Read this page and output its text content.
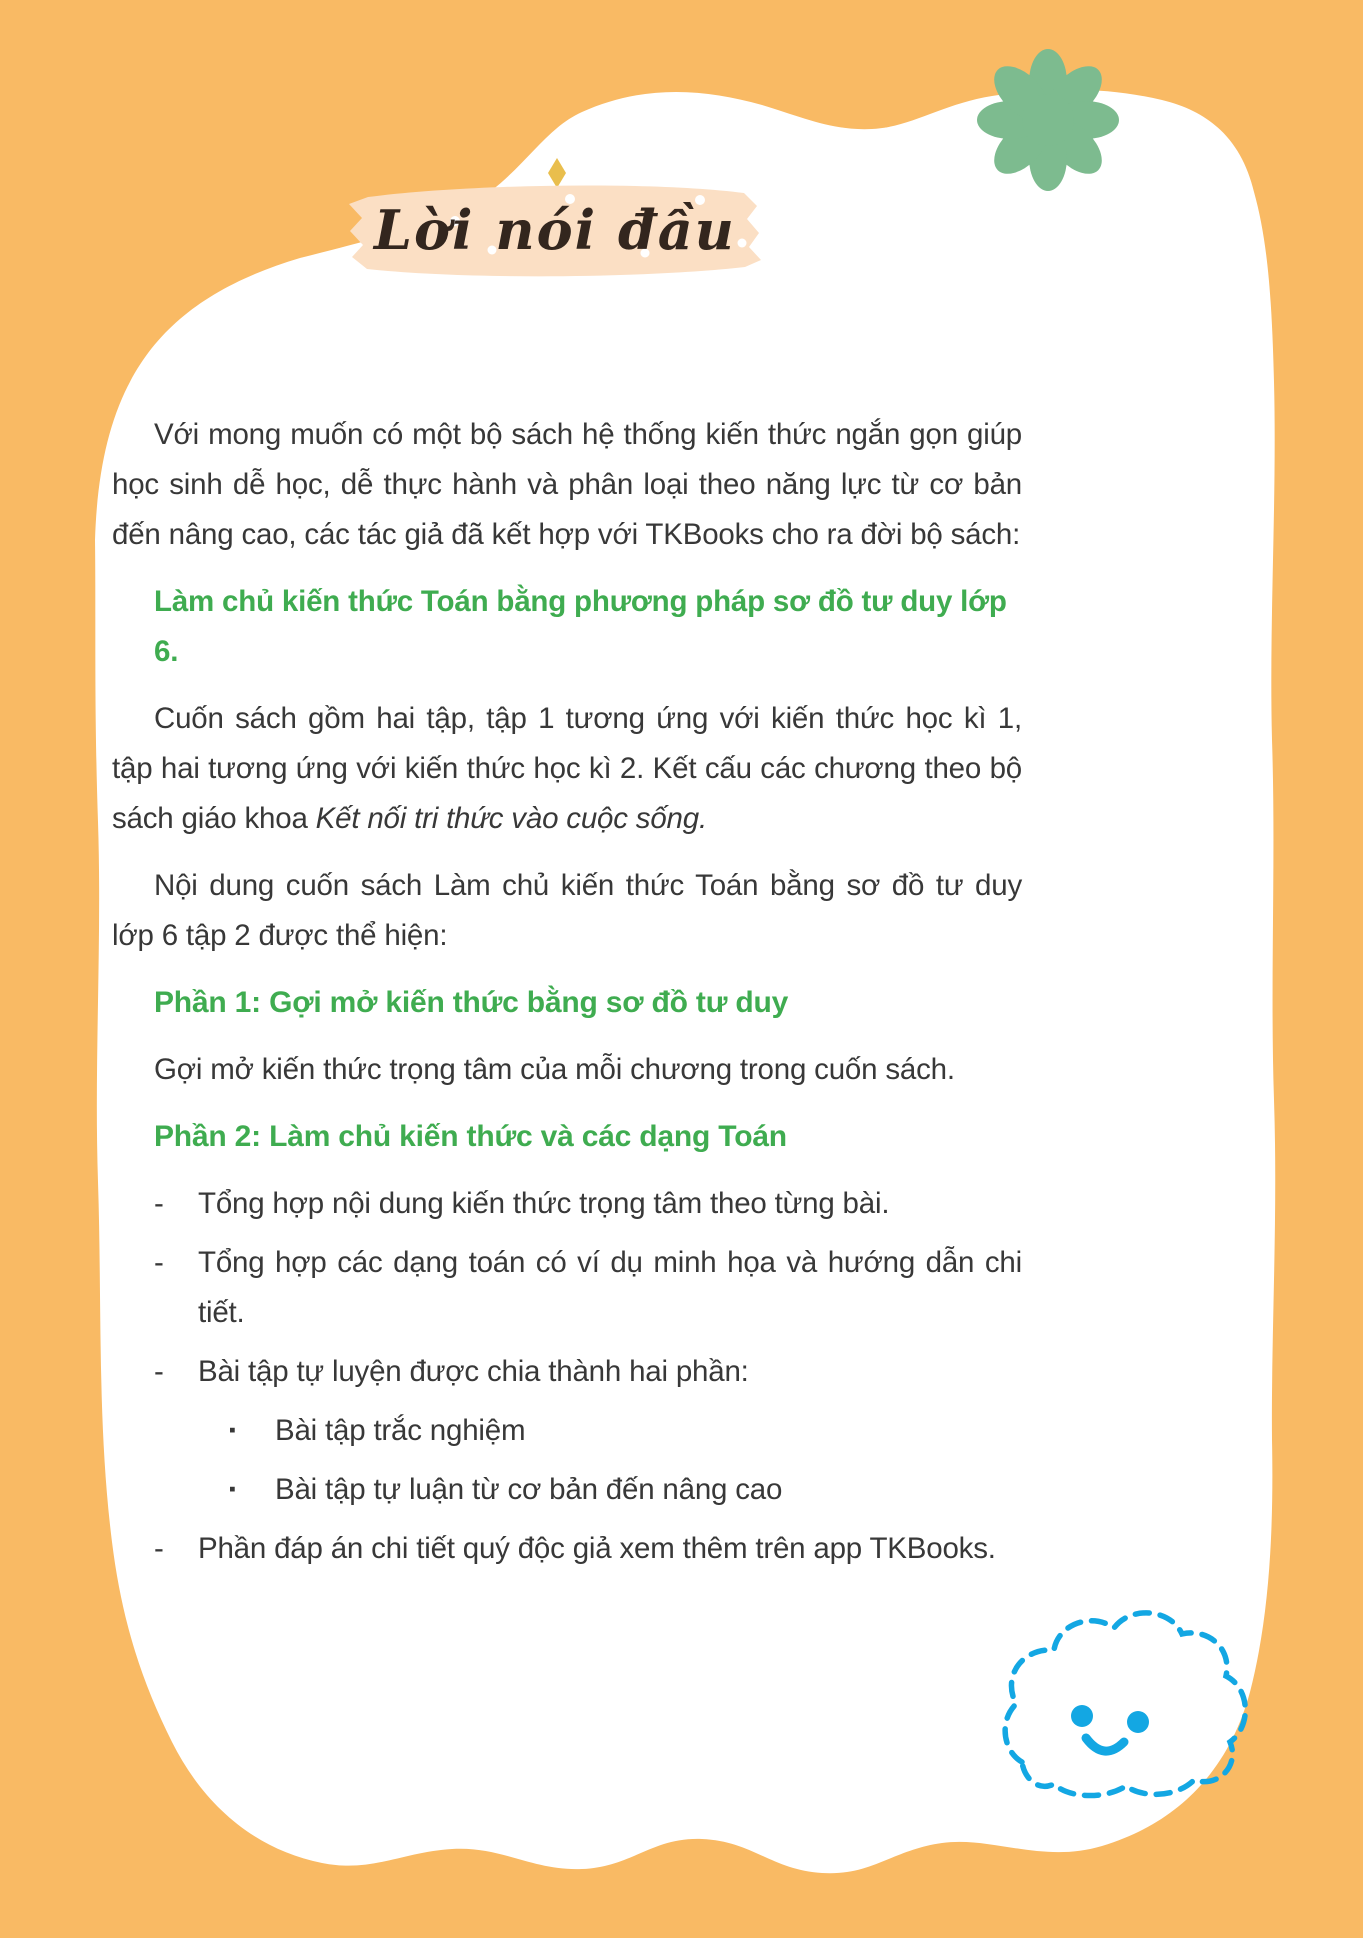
Lời nói đầu

Với mong muốn có một bộ sách hệ thống kiến thức ngắn gọn giúp học sinh dễ học, dễ thực hành và phân loại theo năng lực từ cơ bản đến nâng cao, các tác giả đã kết hợp với TKBooks cho ra đời bộ sách:

Làm chủ kiến thức Toán bằng phương pháp sơ đồ tư duy lớp 6.

Cuốn sách gồm hai tập, tập 1 tương ứng với kiến thức học kì 1, tập hai tương ứng với kiến thức học kì 2. Kết cấu các chương theo bộ sách giáo khoa Kết nối tri thức vào cuộc sống.

Nội dung cuốn sách Làm chủ kiến thức Toán bằng sơ đồ tư duy lớp 6 tập 2 được thể hiện:

Phần 1: Gợi mở kiến thức bằng sơ đồ tư duy

Gợi mở kiến thức trọng tâm của mỗi chương trong cuốn sách.

Phần 2: Làm chủ kiến thức và các dạng Toán
-	Tổng hợp nội dung kiến thức trọng tâm theo từng bài.
-	Tổng hợp các dạng toán có ví dụ minh họa và hướng dẫn chi tiết.
-	Bài tập tự luyện được chia thành hai phần:
▪	Bài tập trắc nghiệm
▪	Bài tập tự luận từ cơ bản đến nâng cao
-	Phần đáp án chi tiết quý độc giả xem thêm trên app TKBooks.
